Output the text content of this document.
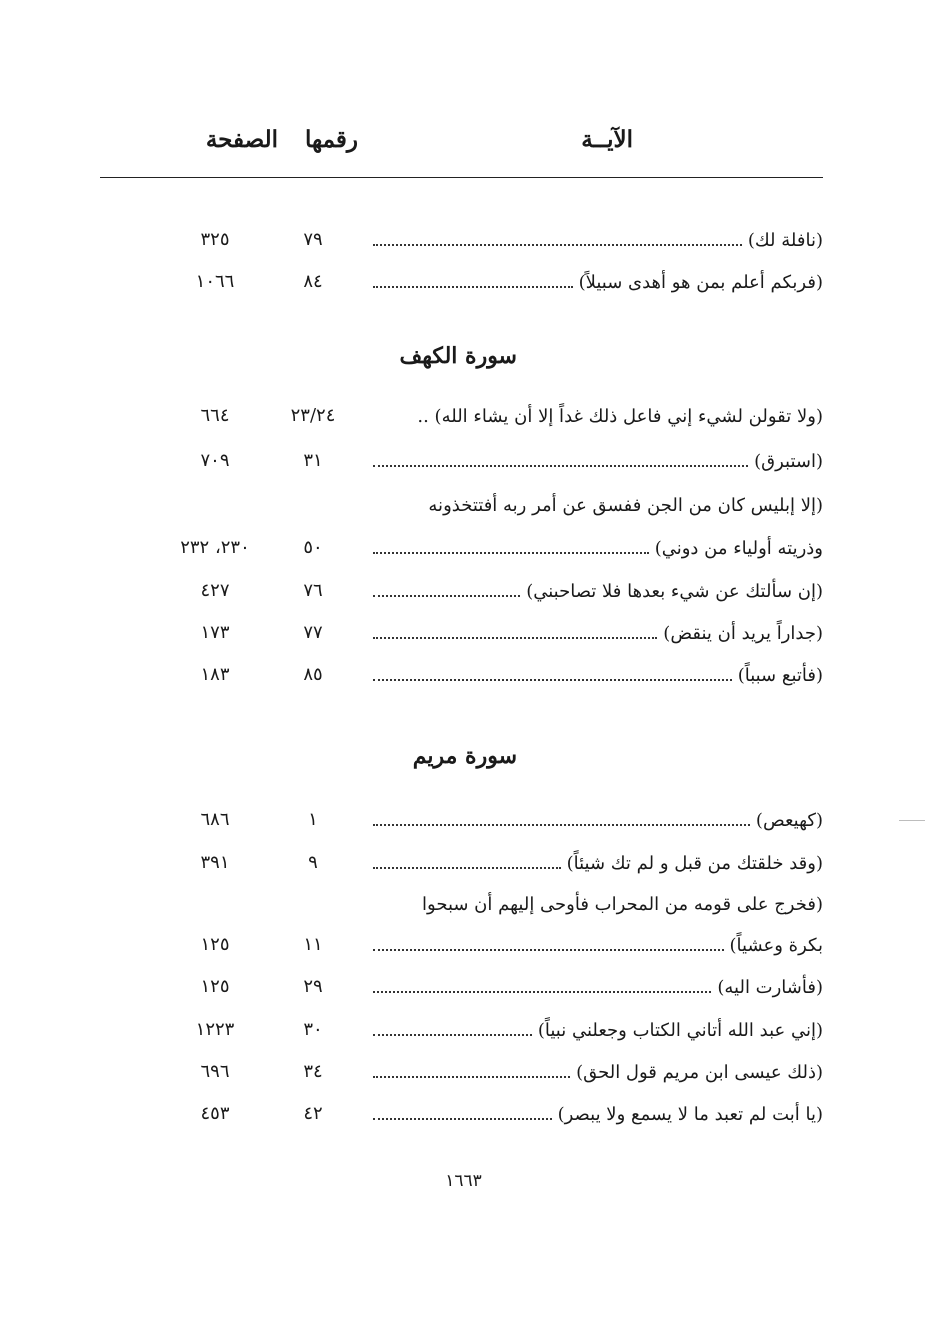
الآيــة
رقمها
الصفحة
(نافلة لك)
٧٩
٣٢٥
(فربكم أعلم بمن هو أهدى سبيلاً)
٨٤
١٠٦٦
سورة الكهف
(ولا تقولن لشيء إني فاعل ذلك غداً إلا أن يشاء الله) ..
٢٣/٢٤
٦٦٤
(استبرق)
٣١
٧٠٩
(إلا إبليس كان من الجن ففسق عن أمر ربه أفتتخذونه
وذريته أولياء من دوني)
٥٠
٢٣٠، ٢٣٢
(إن سألتك عن شيء بعدها فلا تصاحبني)
٧٦
٤٢٧
(جداراً يريد أن ينقض)
٧٧
١٧٣
(فأتبع سبباً)
٨٥
١٨٣
سورة مريم
(كهيعص)
١
٦٨٦
(وقد خلقتك من قبل و لم تك شيئاً)
٩
٣٩١
(فخرج على قومه من المحراب فأوحى إليهم أن سبحوا
بكرة وعشياً)
١١
١٢٥
(فأشارت اليه)
٢٩
١٢٥
(إني عبد الله أتاني الكتاب وجعلني نبياً)
٣٠
١٢٢٣
(ذلك عيسى ابن مريم قول الحق)
٣٤
٦٩٦
(يا أبت لم تعبد ما لا يسمع ولا يبصر)
٤٢
٤٥٣
١٦٦٣
